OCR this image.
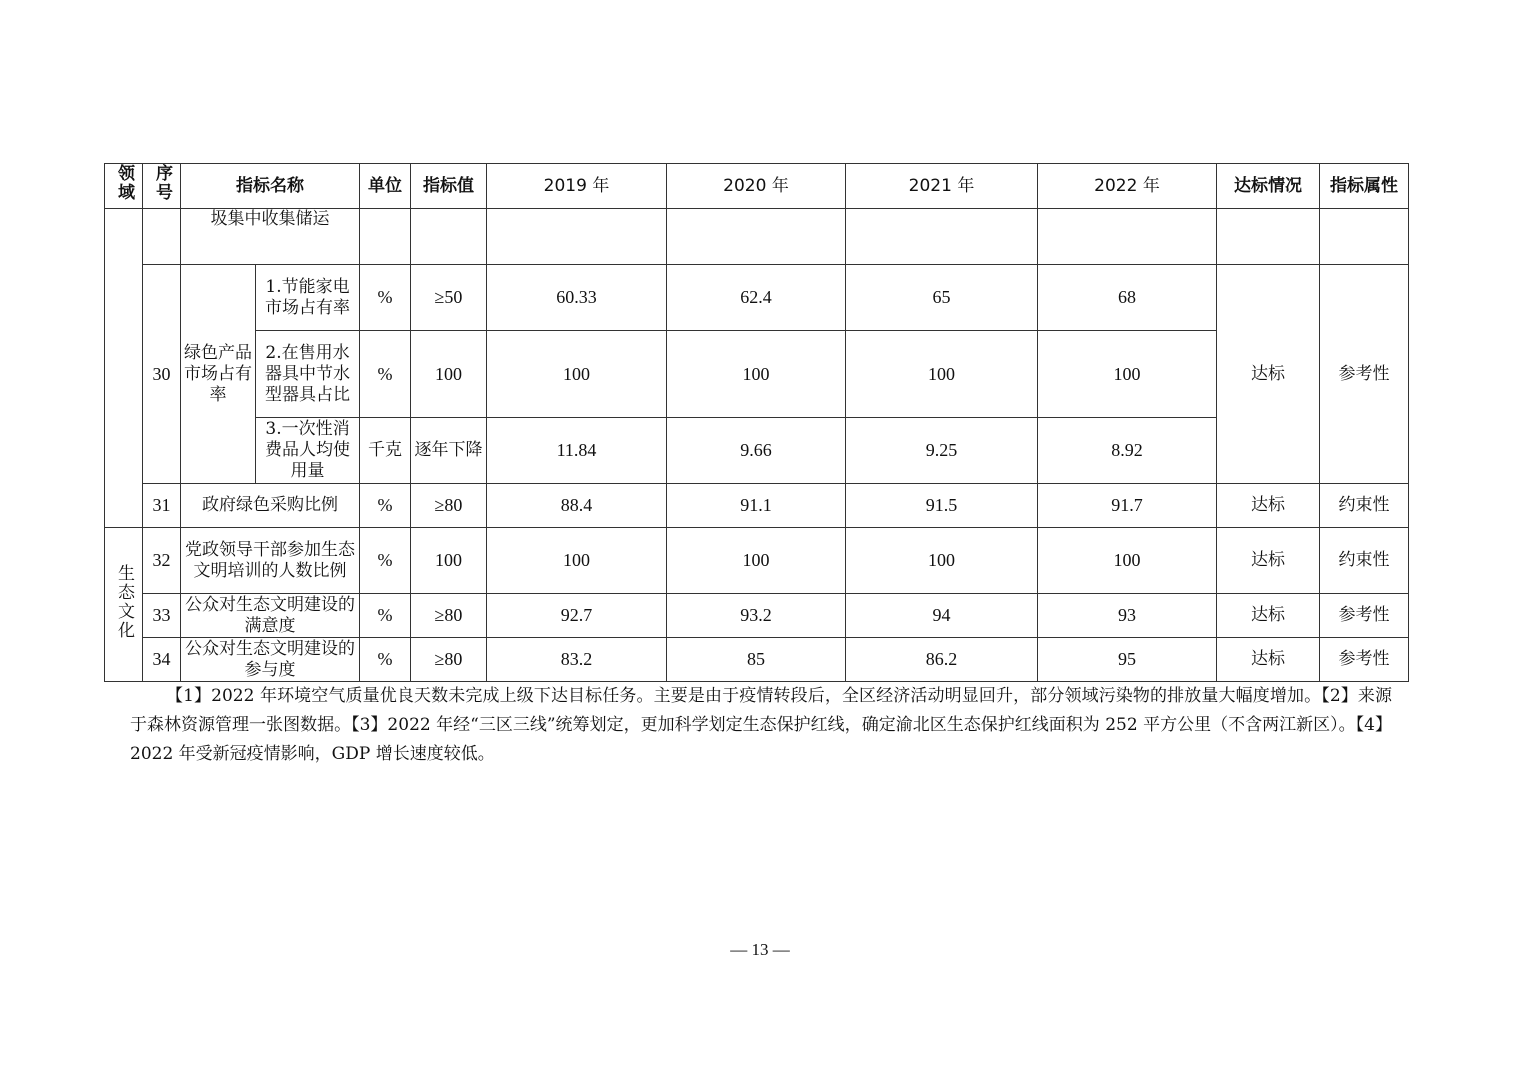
领域	序号	指标名称		单位	指标值	2019 年	2020 年	2021 年	2022 年	达标情况	指标属性
		圾集中收集储运									
	30	绿色产品市场占有率	1.节能家电市场占有率	%	≥50	60.33	62.4	65	68	达标	参考性
			2.在售用水器具中节水型器具占比	%	100	100	100	100	100		
			3.一次性消费品人均使用量	千克	逐年下降	11.84	9.66	9.25	8.92		
	31	政府绿色采购比例		%	≥80	88.4	91.1	91.5	91.7	达标	约束性
生态文化	32	党政领导干部参加生态文明培训的人数比例		%	100	100	100	100	100	达标	约束性
	33	公众对生态文明建设的满意度		%	≥80	92.7	93.2	94	93	达标	参考性
	34	公众对生态文明建设的参与度		%	≥80	83.2	85	86.2	95	达标	参考性
【1】2022 年环境空气质量优良天数未完成上级下达目标任务。主要是由于疫情转段后，全区经济活动明显回升，部分领域污染物的排放量大幅度增加。【2】来源于森林资源管理一张图数据。【3】2022 年经“三区三线”统筹划定，更加科学划定生态保护红线，确定渝北区生态保护红线面积为 252 平方公里（不含两江新区）。【4】2022 年受新冠疫情影响，GDP 增长速度较低。
— 13 —
